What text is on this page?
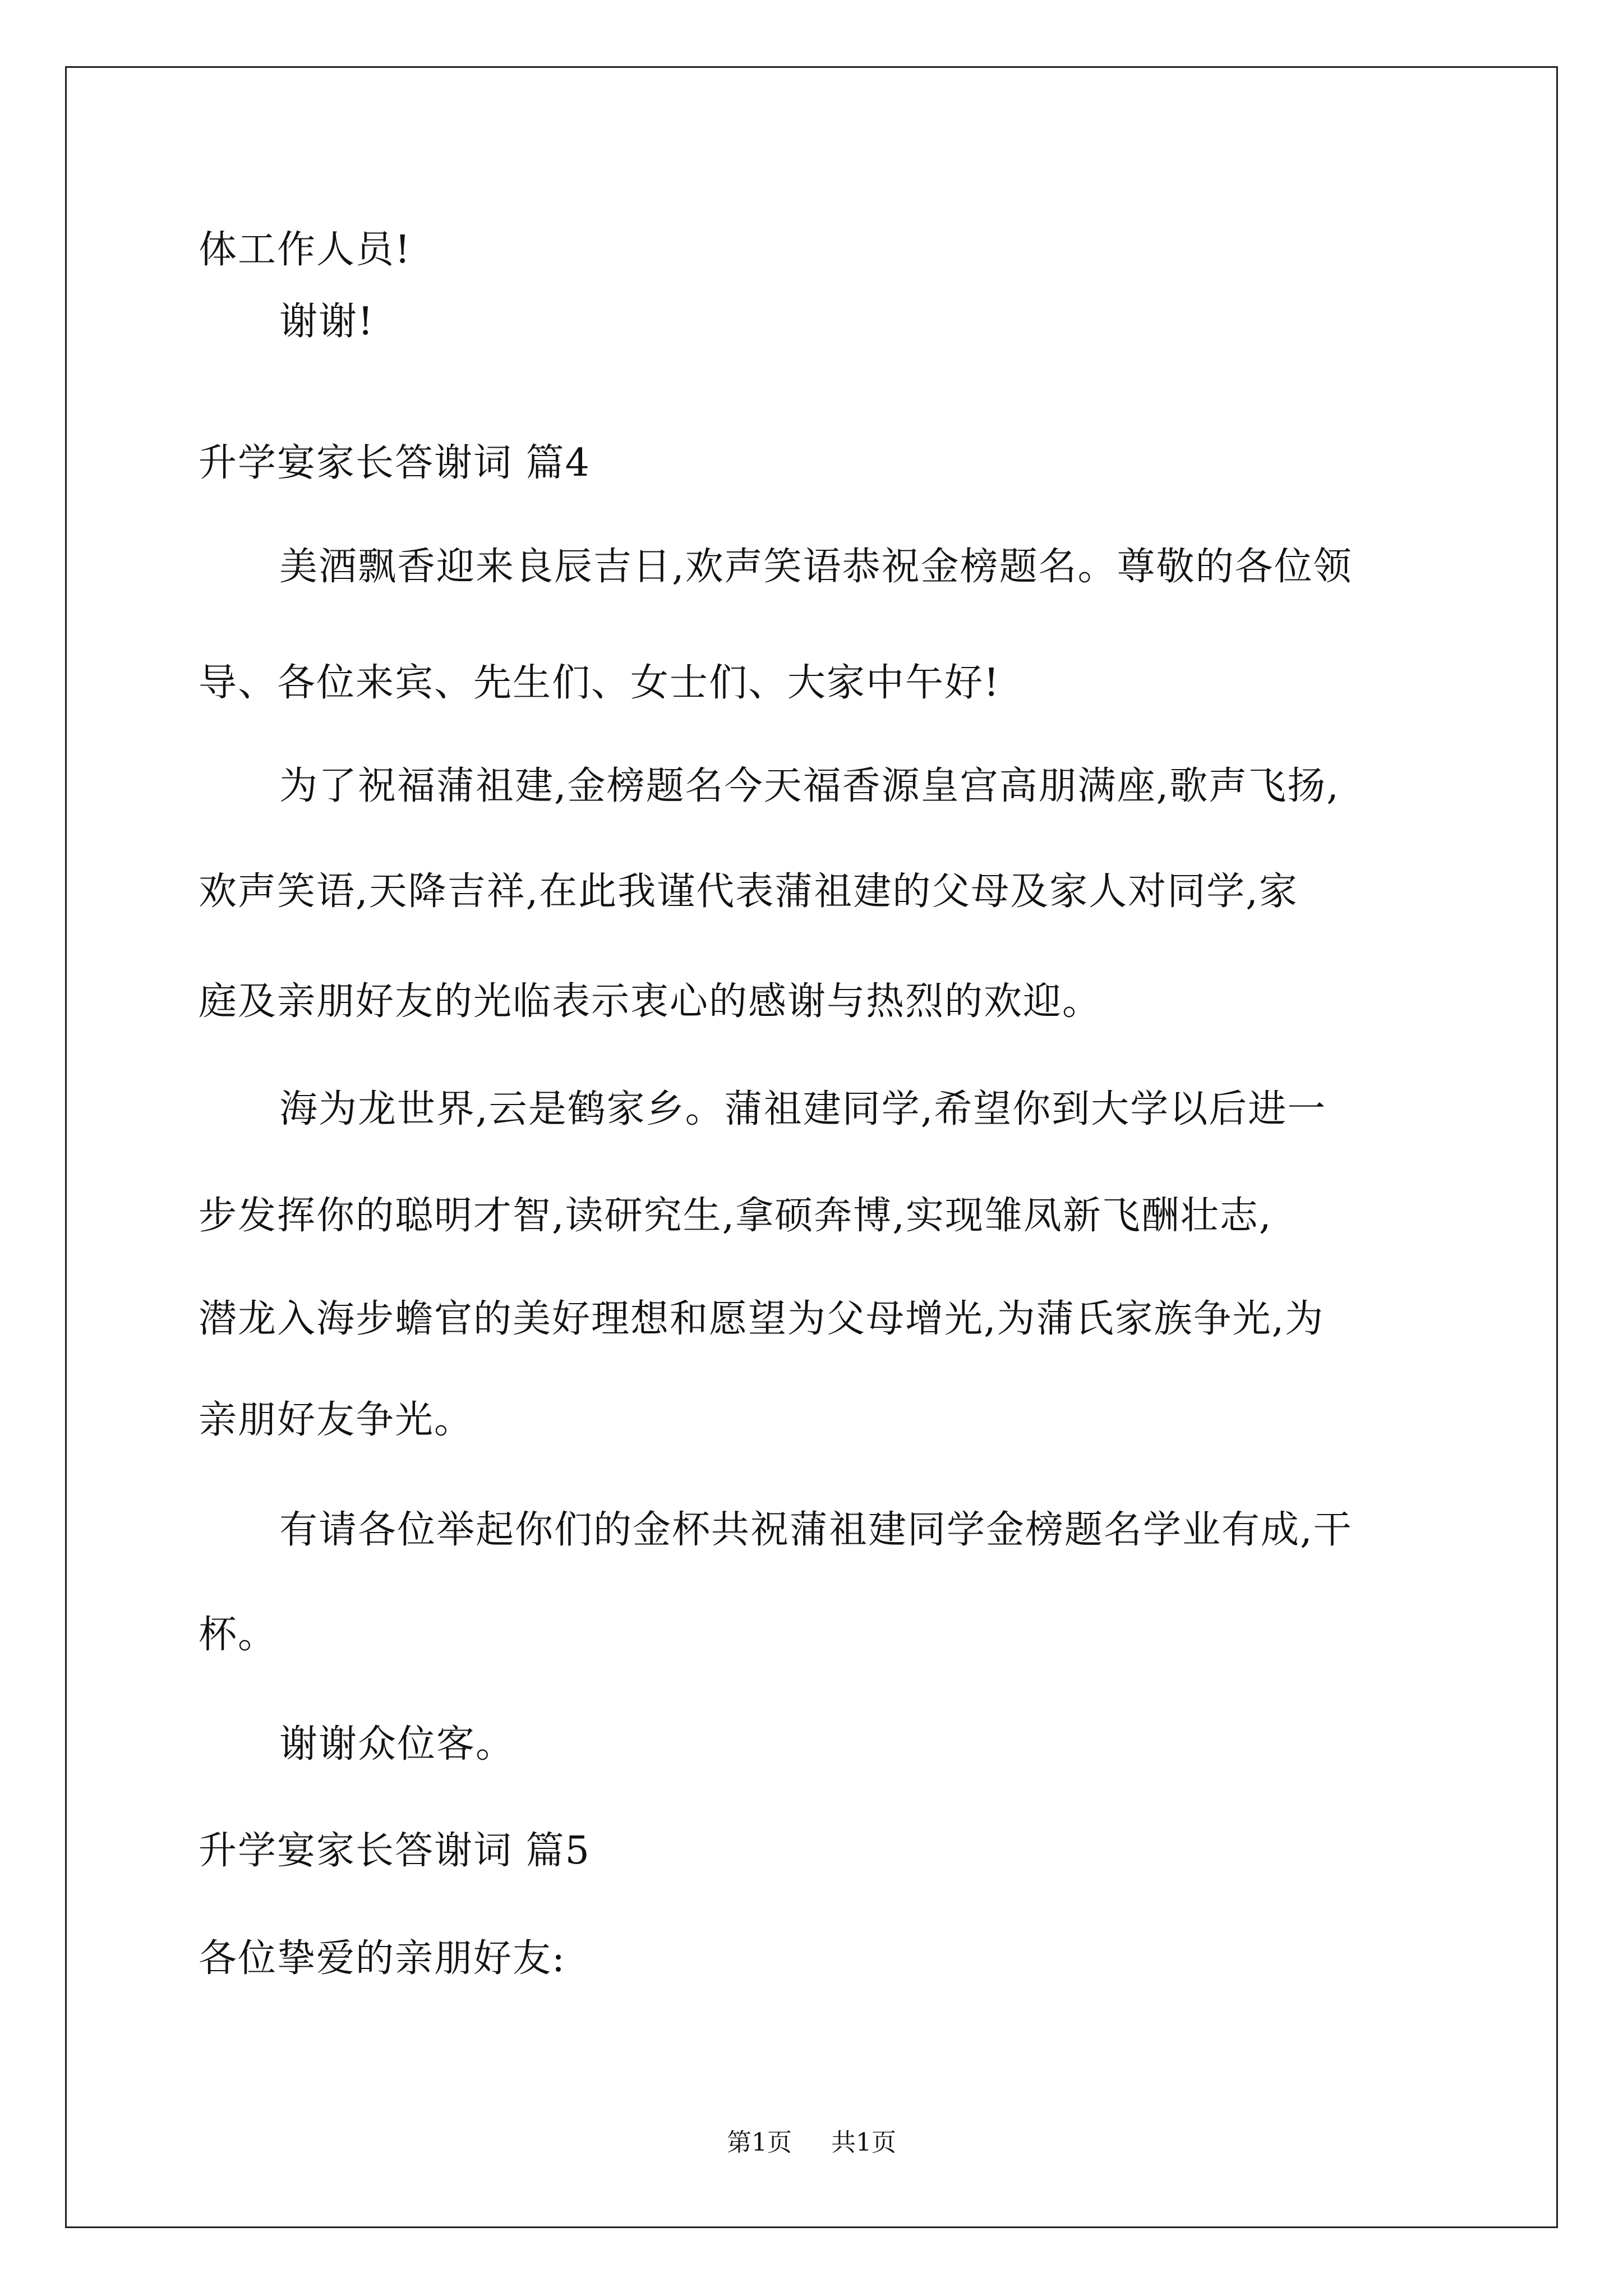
体工作人员!
谢谢!
升学宴家长答谢词 篇4
美酒飘香迎来良辰吉日,欢声笑语恭祝金榜题名。尊敬的各位领
导、各位来宾、先生们、女士们、大家中午好!
为了祝福蒲祖建,金榜题名今天福香源皇宫高朋满座,歌声飞扬,
欢声笑语,天降吉祥,在此我谨代表蒲祖建的父母及家人对同学,家
庭及亲朋好友的光临表示衷心的感谢与热烈的欢迎。
海为龙世界,云是鹤家乡。蒲祖建同学,希望你到大学以后进一
步发挥你的聪明才智,读研究生,拿硕奔博,实现雏凤新飞酬壮志,
潜龙入海步蟾官的美好理想和愿望为父母增光,为蒲氏家族争光,为
亲朋好友争光。
有请各位举起你们的金杯共祝蒲祖建同学金榜题名学业有成,干
杯。
谢谢众位客。
升学宴家长答谢词 篇5
各位挚爱的亲朋好友:
第1页 共1页
